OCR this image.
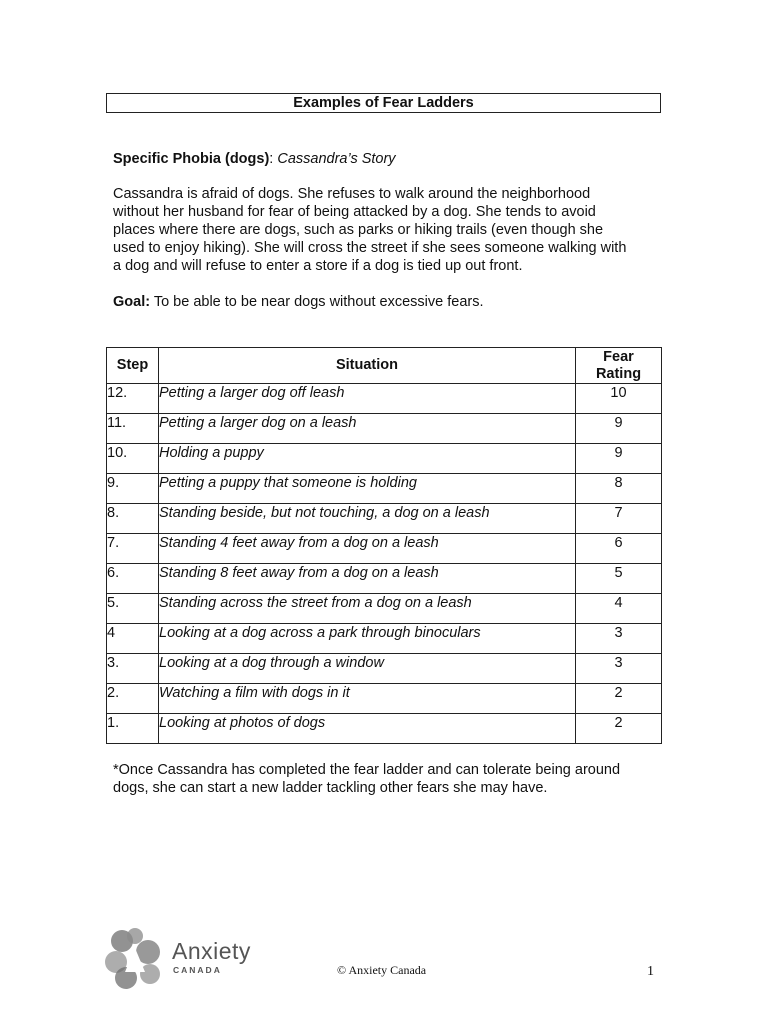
Examples of Fear Ladders
Specific Phobia (dogs): Cassandra’s Story
Cassandra is afraid of dogs. She refuses to walk around the neighborhood
without her husband for fear of being attacked by a dog. She tends to avoid
places where there are dogs, such as parks or hiking trails (even though she
used to enjoy hiking). She will cross the street if she sees someone walking with
a dog and will refuse to enter a store if a dog is tied up out front.
Goal: To be able to be near dogs without excessive fears.
Step	Situation	Fear
Rating
12.	Petting a larger dog off leash	10
11.	Petting a larger dog on a leash	9
10.	Holding a puppy	9
9.	Petting a puppy that someone is holding	8
8.	Standing beside, but not touching, a dog on a leash	7
7.	Standing 4 feet away from a dog on a leash	6
6.	Standing 8 feet away from a dog on a leash	5
5.	Standing across the street from a dog on a leash	4
4	Looking at a dog across a park through binoculars	3
3.	Looking at a dog through a window	3
2.	Watching a film with dogs in it	2
1.	Looking at photos of dogs	2
*Once Cassandra has completed the fear ladder and can tolerate being around
dogs, she can start a new ladder tackling other fears she may have.
Anxiety
CANADA	© Anxiety Canada	1
